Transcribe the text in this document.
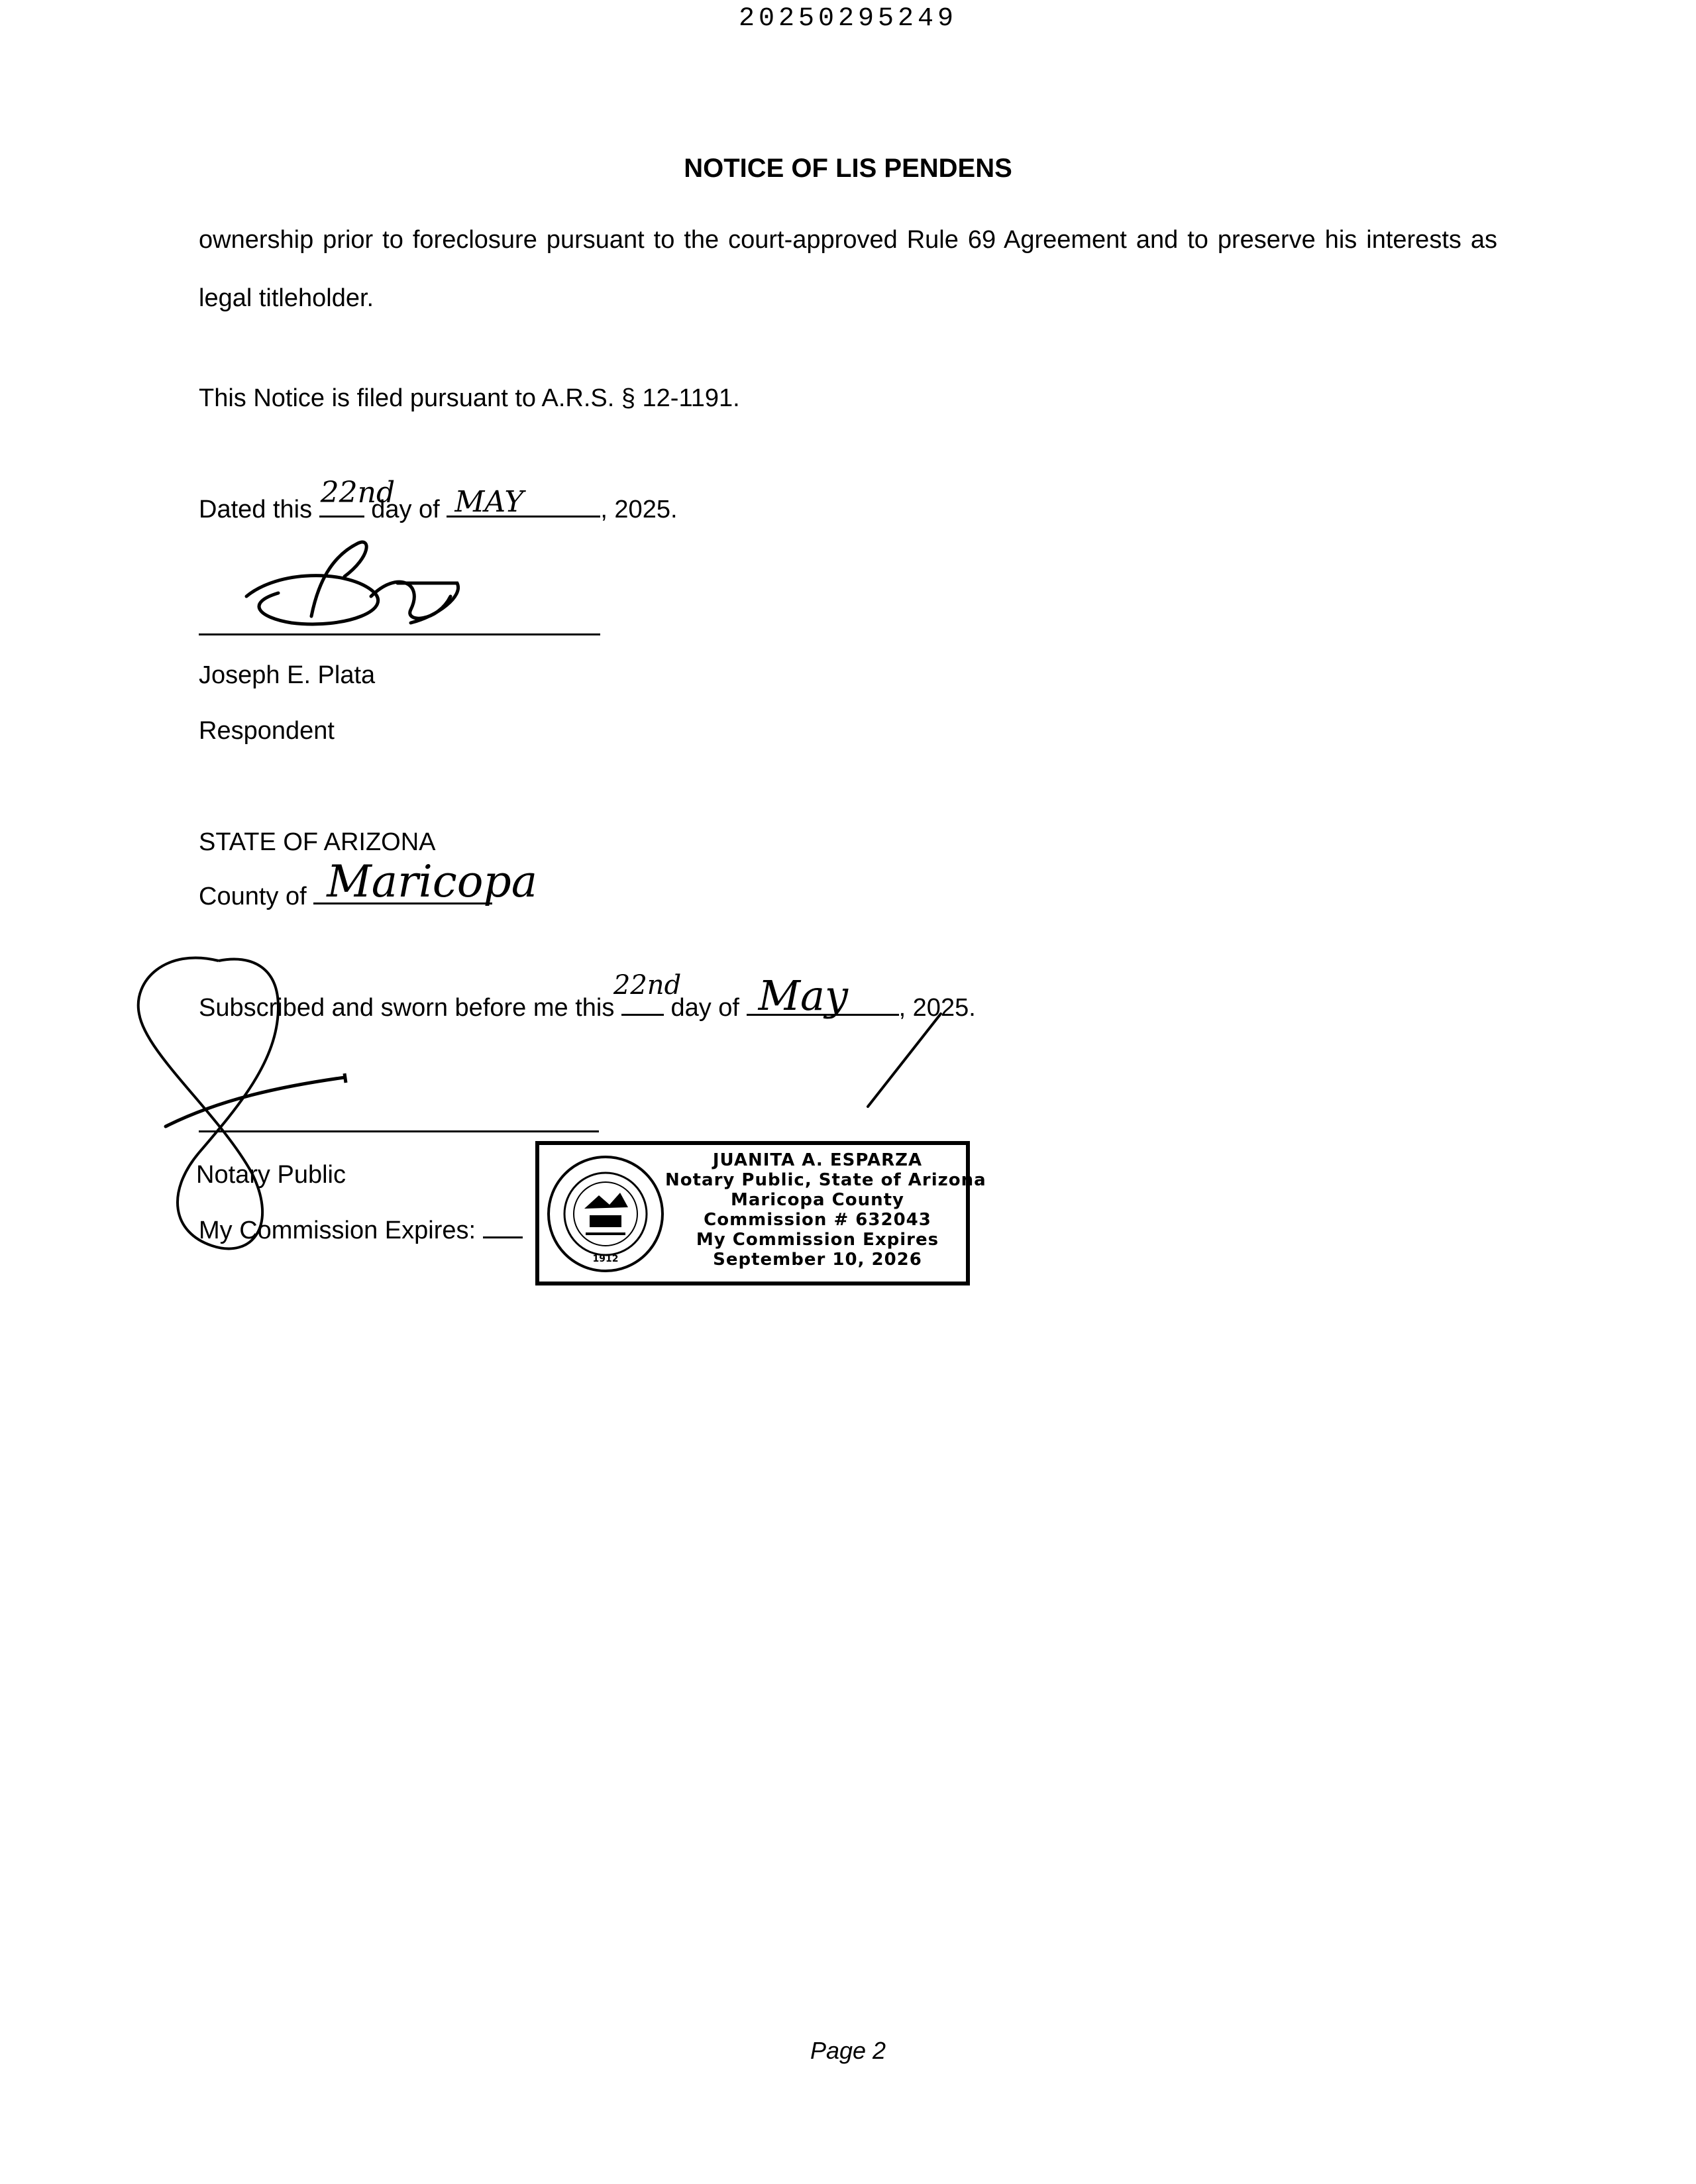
20250295249
NOTICE OF LIS PENDENS
ownership prior to foreclosure pursuant to the court-approved Rule 69 Agreement and to preserve his interests as legal titleholder.
This Notice is filed pursuant to A.R.S. § 12-1191.
Dated this 22nd
day of MAY	, 2025.
Joseph E. Plata
Respondent
STATE OF ARIZONA
County of Maricopa
Subscribed and sworn before me this
22nd
day of May , 2025.
Notary Public
My Commission Expires:
1912
JUANITA A. ESPARZA
Notary Public, State of Arizona
Maricopa County
Commission # 632043
My Commission Expires
September 10, 2026
Page 2
